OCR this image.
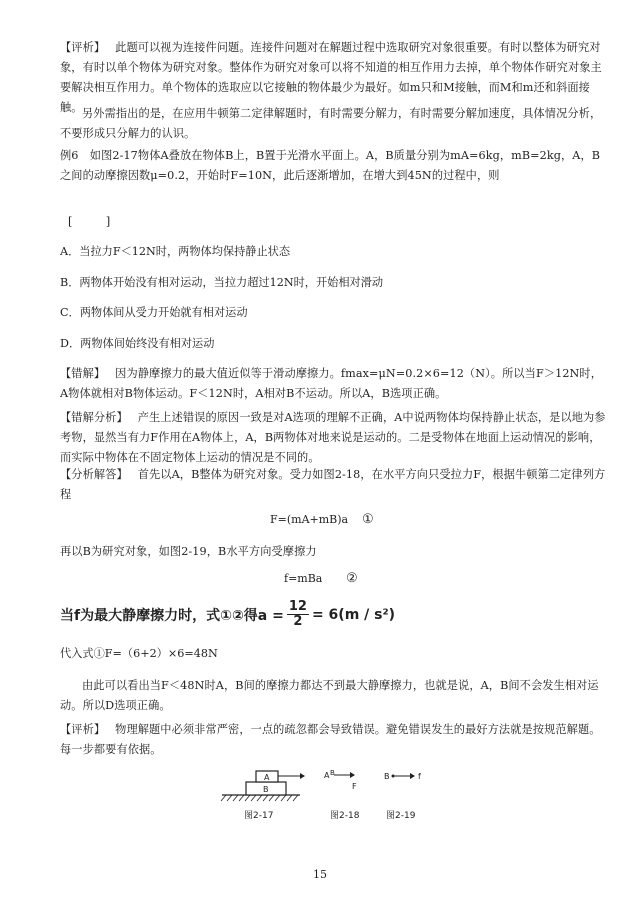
【评析】 此题可以视为连接件问题。连接件问题对在解题过程中选取研究对象很重要。有时以整体为研究对象，有时以单个物体为研究对象。整体作为研究对象可以将不知道的相互作用力去掉，单个物体作研究对象主要解决相互作用力。单个物体的选取应以它接触的物体最少为最好。如m只和M接触，而M和m还和斜面接触。 另外需指出的是，在应用牛顿第二定律解题时，有时需要分解力，有时需要分解加速度，具体情况分析，不要形成只分解力的认识。
例6　如图2-17物体A叠放在物体B上，B置于光滑水平面上。A，B质量分别为mA=6kg，mB=2kg，A，B之间的动摩擦因数μ=0.2，开始时F=10N，此后逐渐增加，在增大到45N的过程中，则
[　　　]
A．当拉力F＜12N时，两物体均保持静止状态
B．两物体开始没有相对运动，当拉力超过12N时，开始相对滑动
C．两物体间从受力开始就有相对运动
D．两物体间始终没有相对运动
【错解】 因为静摩擦力的最大值近似等于滑动摩擦力。fmax=μN=0.2×6=12（N）。所以当F＞12N时，A物体就相对B物体运动。F＜12N时，A相对B不运动。所以A，B选项正确。
【错解分析】 产生上述错误的原因一致是对A选项的理解不正确，A中说两物体均保持静止状态，是以地为参考物，显然当有力F作用在A物体上，A，B两物体对地来说是运动的。二是受物体在地面上运动情况的影响，而实际中物体在不固定物体上运动的情况是不同的。
【分析解答】 首先以A，B整体为研究对象。受力如图2-18，在水平方向只受拉力F，根据牛顿第二定律列方程
F=(mA+mB)a ①
再以B为研究对象，如图2-19，B水平方向受摩擦力
f=mBa ②
当f为最大静摩擦力时，式①②得$a = \frac{12}{2} = 6(m / s^2)$
代入式①F=（6+2）×6=48N
由此可以看出当F＜48N时A，B间的摩擦力都达不到最大静摩擦力，也就是说，A，B间不会发生相对运动。所以D选项正确。
【评析】 物理解题中必须非常严密，一点的疏忽都会导致错误。避免错误发生的最好方法就是按规范解题。每一步都要有依据。
A
B
图2-17
A B
F
图2-18
B	f
图2-19
15
